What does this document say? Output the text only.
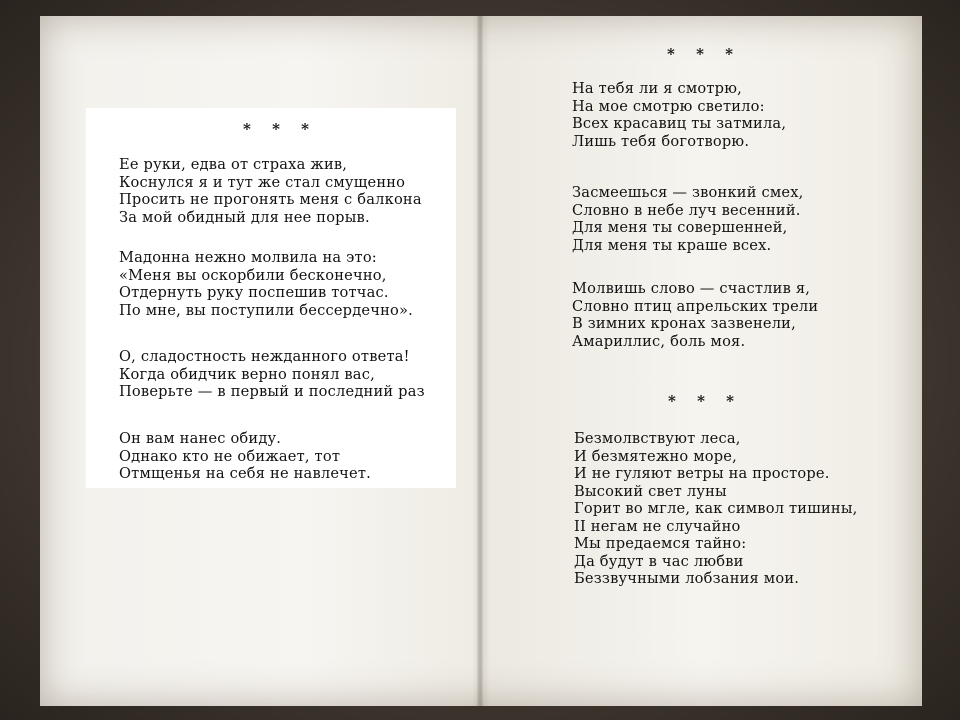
* * *
Ее руки, едва от страха жив,
Коснулся я и тут же стал смущенно
Просить не прогонять меня с балкона
За мой обидный для нее порыв.
Мадонна нежно молвила на это:
«Меня вы оскорбили бесконечно,
Отдернуть руку поспешив тотчас.
По мне, вы поступили бессердечно».
О, сладостность нежданного ответа!
Когда обидчик верно понял вас,
Поверьте — в первый и последний раз
Он вам нанес обиду.
Однако кто не обижает, тот
Отмщенья на себя не навлечет.
* * *
На тебя ли я смотрю,
На мое смотрю светило:
Всех красавиц ты затмила,
Лишь тебя боготворю.
Засмеешься — звонкий смех,
Словно в небе луч весенний.
Для меня ты совершенней,
Для меня ты краше всех.
Молвишь слово — счастлив я,
Словно птиц апрельских трели
В зимних кронах зазвенели,
Амариллис, боль моя.
* * *
Безмолвствуют леса,
И безмятежно море,
И не гуляют ветры на просторе.
Высокий свет луны
Горит во мгле, как символ тишины,
II негам не случайно
Мы предаемся тайно:
Да будут в час любви
Беззвучными лобзания мои.
